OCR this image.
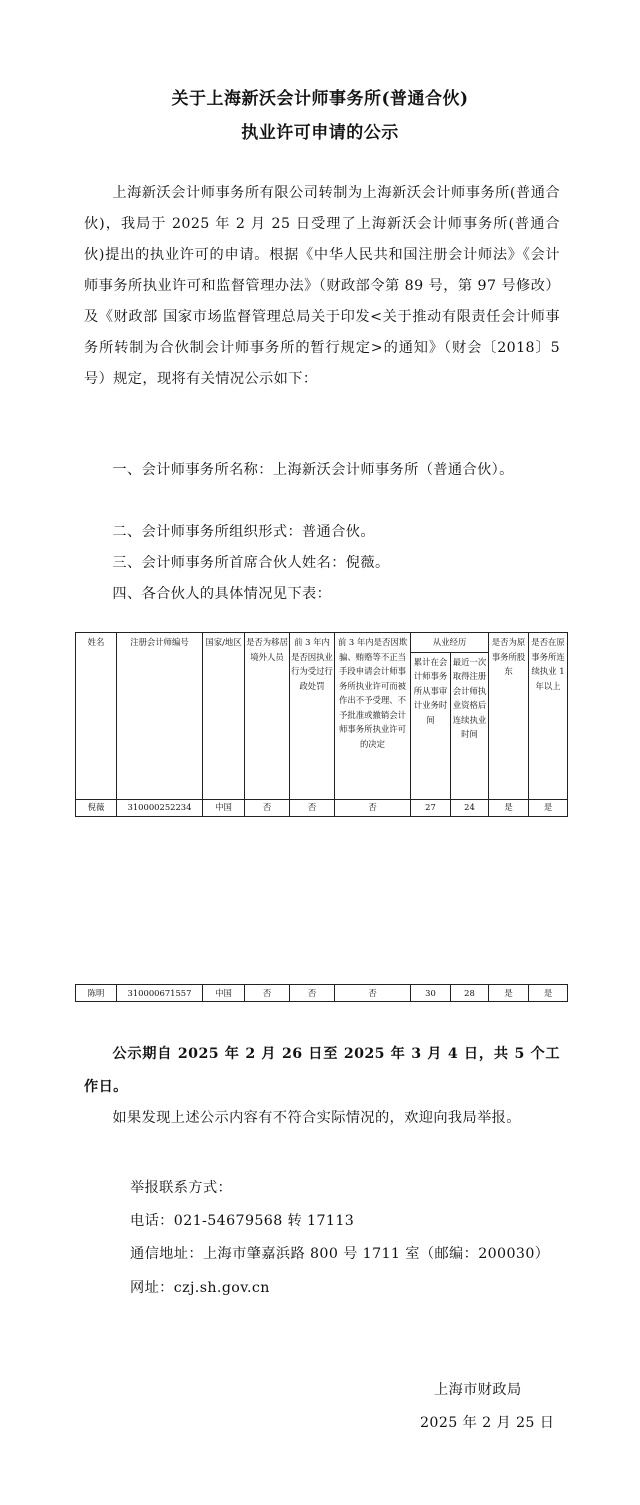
关于上海新沃会计师事务所(普通合伙)
执业许可申请的公示

上海新沃会计师事务所有限公司转制为上海新沃会计师事务所(普通合伙)，我局于 2025 年 2 月 25 日受理了上海新沃会计师事务所(普通合伙)提出的执业许可的申请。根据《中华人民共和国注册会计师法》《会计师事务所执业许可和监督管理办法》（财政部令第 89 号，第 97 号修改）及《财政部 国家市场监督管理总局关于印发<关于推动有限责任会计师事务所转制为合伙制会计师事务所的暂行规定>的通知》（财会〔2018〕5 号）规定，现将有关情况公示如下：

一、会计师事务所名称：上海新沃会计师事务所（普通合伙）。

二、会计师事务所组织形式：普通合伙。

三、会计师事务所首席合伙人姓名：倪薇。

四、各合伙人的具体情况见下表：

姓名	注册会计师编号	国家/地区	是否为移居境外人员	前 3 年内是否因执业行为受过行政处罚	前 3 年内是否因欺骗、贿赂等不正当手段申请会计师事务所执业许可而被作出不予受理、不予批准或撤销会计师事务所执业许可的决定	从业经历		是否为原事务所股东	是否在原事务所连续执业 1 年以上
						累计在会计师事务所从事审计业务时间	最近一次取得注册会计师执业资格后连续执业时间		
倪薇	310000252234	中国	否	否	否	27	24	是	是
陈明	310000671557	中国	否	否	否	30	28	是	是

公示期自 2025 年 2 月 26 日至 2025 年 3 月 4 日，共 5 个工作日。

如果发现上述公示内容有不符合实际情况的，欢迎向我局举报。

举报联系方式：
电话：021-54679568 转 17113
通信地址：上海市肇嘉浜路 800 号 1711 室（邮编：200030）
网址：czj.sh.gov.cn
上海市财政局
2025 年 2 月 25 日
